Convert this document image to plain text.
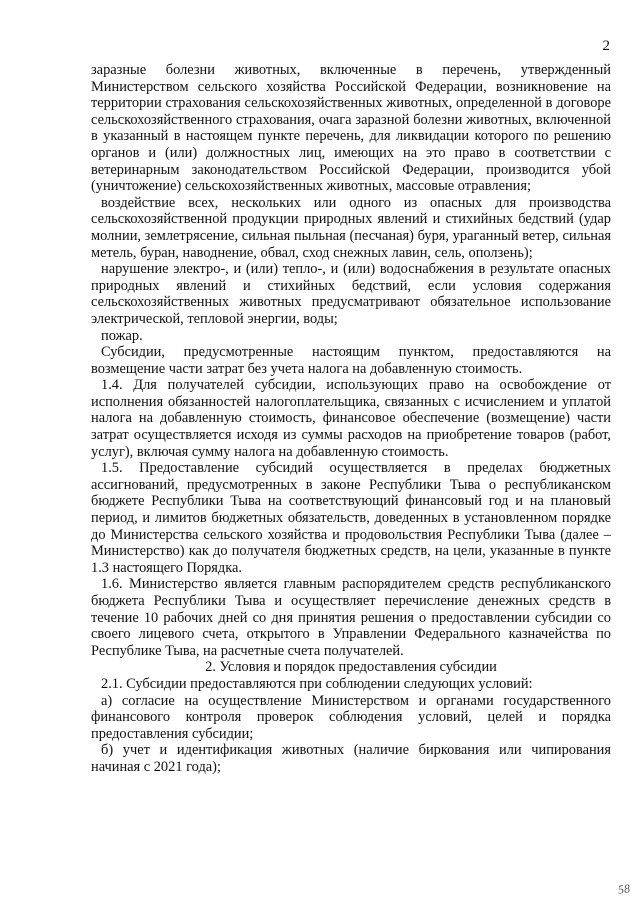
2

заразные болезни животных, включенные в перечень, утвержденный Министерством сельского хозяйства Российской Федерации, возникновение на территории страхования сельскохозяйственных животных, определенной в договоре сельскохозяйственного страхования, очага заразной болезни животных, включенной в указанный в настоящем пункте перечень, для ликвидации которого по решению органов и (или) должностных лиц, имеющих на это право в соответствии с ветеринарным законодательством Российской Федерации, производится убой (уничтожение) сельскохозяйственных животных, массовые отравления;

воздействие всех, нескольких или одного из опасных для производства сельскохозяйственной продукции природных явлений и стихийных бедствий (удар молнии, землетрясение, сильная пыльная (песчаная) буря, ураганный ветер, сильная метель, буран, наводнение, обвал, сход снежных лавин, сель, оползень);

нарушение электро-, и (или) тепло-, и (или) водоснабжения в результате опасных природных явлений и стихийных бедствий, если условия содержания сельскохозяйственных животных предусматривают обязательное использование электрической, тепловой энергии, воды;

пожар.

Субсидии, предусмотренные настоящим пунктом, предоставляются на возмещение части затрат без учета налога на добавленную стоимость.

1.4. Для получателей субсидии, использующих право на освобождение от исполнения обязанностей налогоплательщика, связанных с исчислением и уплатой налога на добавленную стоимость, финансовое обеспечение (возмещение) части затрат осуществляется исходя из суммы расходов на приобретение товаров (работ, услуг), включая сумму налога на добавленную стоимость.

1.5. Предоставление субсидий осуществляется в пределах бюджетных ассигнований, предусмотренных в законе Республики Тыва о республиканском бюджете Республики Тыва на соответствующий финансовый год и на плановый период, и лимитов бюджетных обязательств, доведенных в установленном порядке до Министерства сельского хозяйства и продовольствия Республики Тыва (далее – Министерство) как до получателя бюджетных средств, на цели, указанные в пункте 1.3 настоящего Порядка.

1.6. Министерство является главным распорядителем средств республиканского бюджета Республики Тыва и осуществляет перечисление денежных средств в течение 10 рабочих дней со дня принятия решения о предоставлении субсидии со своего лицевого счета, открытого в Управлении Федерального казначейства по Республике Тыва, на расчетные счета получателей.

2. Условия и порядок предоставления субсидии

2.1. Субсидии предоставляются при соблюдении следующих условий:

а) согласие на осуществление Министерством и органами государственного финансового контроля проверок соблюдения условий, целей и порядка предоставления субсидии;

б) учет и идентификация животных (наличие биркования или чипирования начиная с 2021 года);

58
